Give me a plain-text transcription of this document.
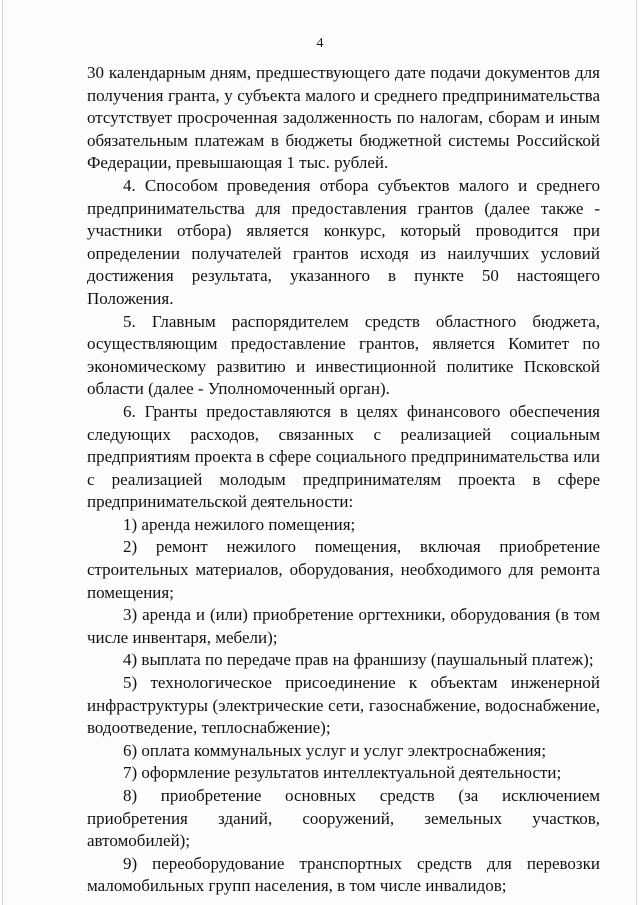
4

30 календарным дням, предшествующего дате подачи документов для получения гранта, у субъекта малого и среднего предпринимательства отсутствует просроченная задолженность по налогам, сборам и иным обязательным платежам в бюджеты бюджетной системы Российской Федерации, превышающая 1 тыс. рублей.

4. Способом проведения отбора субъектов малого и среднего предпринимательства для предоставления грантов (далее также - участники отбора) является конкурс, который проводится при определении получателей грантов исходя из наилучших условий достижения результата, указанного в пункте 50 настоящего Положения.

5. Главным распорядителем средств областного бюджета, осуществляющим предоставление грантов, является Комитет по экономическому развитию и инвестиционной политике Псковской области (далее - Уполномоченный орган).

6. Гранты предоставляются в целях финансового обеспечения следующих расходов, связанных с реализацией социальным предприятиям проекта в сфере социального предпринимательства или с реализацией молодым предпринимателям проекта в сфере предпринимательской деятельности:

1) аренда нежилого помещения;

2) ремонт нежилого помещения, включая приобретение строительных материалов, оборудования, необходимого для ремонта помещения;

3) аренда и (или) приобретение оргтехники, оборудования (в том числе инвентаря, мебели);

4) выплата по передаче прав на франшизу (паушальный платеж);

5) технологическое присоединение к объектам инженерной инфраструктуры (электрические сети, газоснабжение, водоснабжение, водоотведение, теплоснабжение);

6) оплата коммунальных услуг и услуг электроснабжения;

7) оформление результатов интеллектуальной деятельности;

8) приобретение основных средств (за исключением приобретения зданий, сооружений, земельных участков, автомобилей);

9) переоборудование транспортных средств для перевозки маломобильных групп населения, в том числе инвалидов;
